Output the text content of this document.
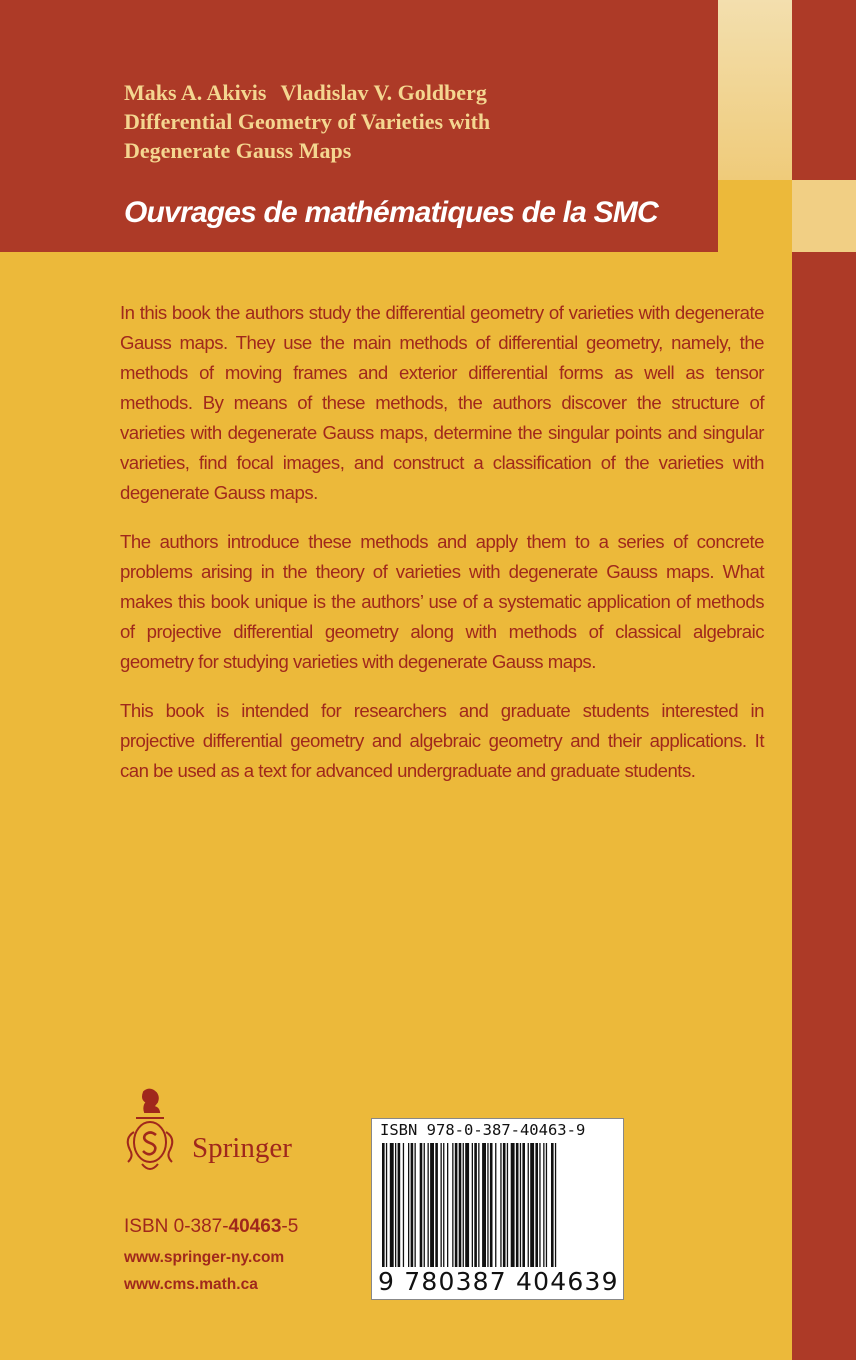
Maks A. Akivis Vladislav V. Goldberg
Differential Geometry of Varieties with
Degenerate Gauss Maps
Ouvrages de mathématiques de la SMC

In this book the authors study the differential geometry of varieties with degenerate Gauss maps. They use the main methods of differential geometry, namely, the methods of moving frames and exterior differential forms as well as tensor methods. By means of these methods, the authors discover the structure of varieties with degenerate Gauss maps, determine the singular points and singular varieties, find focal images, and construct a classification of the varieties with degenerate Gauss maps.

The authors introduce these methods and apply them to a series of concrete problems arising in the theory of varieties with degenerate Gauss maps. What makes this book unique is the authors’ use of a systematic application of methods of projective differential geometry along with methods of classical algebraic geometry for studying varieties with degenerate Gauss maps.

This book is intended for researchers and graduate students interested in projective differential geometry and algebraic geometry and their applications. It can be used as a text for advanced undergraduate and graduate students.

Springer
ISBN 0-387-40463-5
www.springer-ny.com
www.cms.math.ca
ISBN 978-0-387-40463-9
9 780387 404639
